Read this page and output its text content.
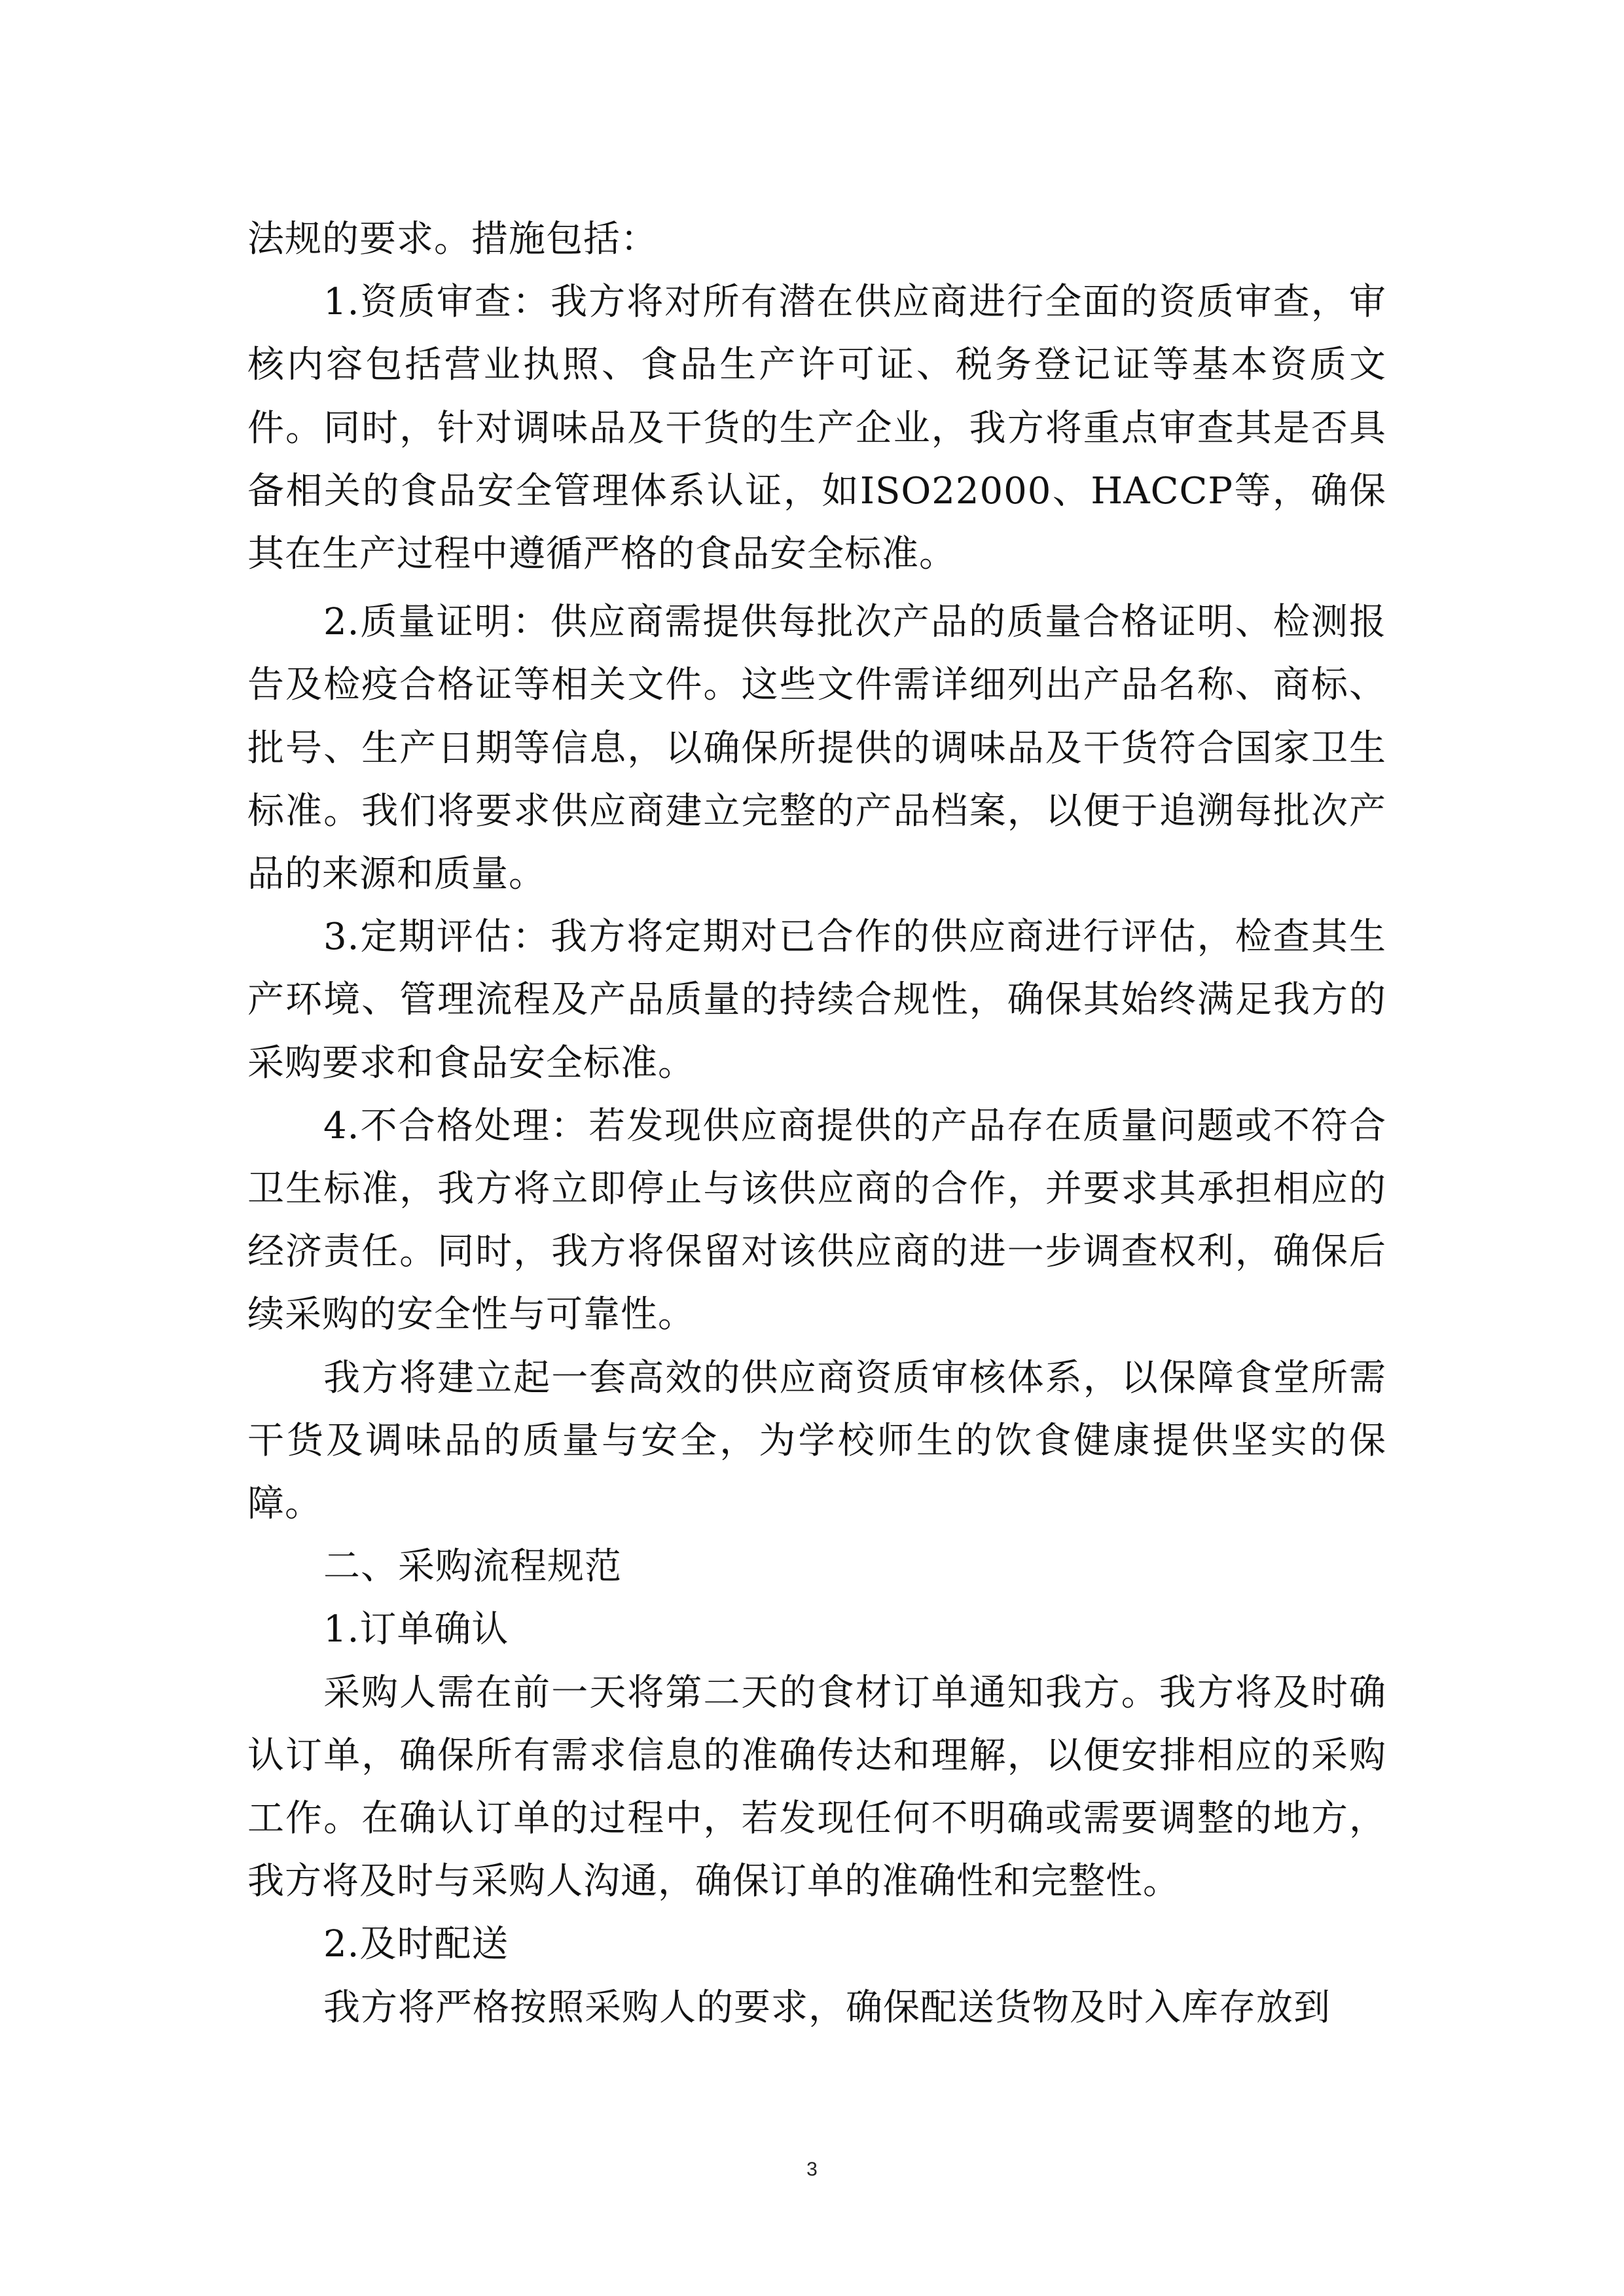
法规的要求。措施包括：

1.资质审查：我方将对所有潜在供应商进行全面的资质审查，审核内容包括营业执照、食品生产许可证、税务登记证等基本资质文件。同时，针对调味品及干货的生产企业，我方将重点审查其是否具备相关的食品安全管理体系认证，如ISO22000、HACCP等，确保其在生产过程中遵循严格的食品安全标准。

2.质量证明：供应商需提供每批次产品的质量合格证明、检测报告及检疫合格证等相关文件。这些文件需详细列出产品名称、商标、批号、生产日期等信息，以确保所提供的调味品及干货符合国家卫生标准。我们将要求供应商建立完整的产品档案，以便于追溯每批次产品的来源和质量。

3.定期评估：我方将定期对已合作的供应商进行评估，检查其生产环境、管理流程及产品质量的持续合规性，确保其始终满足我方的采购要求和食品安全标准。

4.不合格处理：若发现供应商提供的产品存在质量问题或不符合卫生标准，我方将立即停止与该供应商的合作，并要求其承担相应的经济责任。同时，我方将保留对该供应商的进一步调查权利，确保后续采购的安全性与可靠性。

我方将建立起一套高效的供应商资质审核体系，以保障食堂所需干货及调味品的质量与安全，为学校师生的饮食健康提供坚实的保障。

二、采购流程规范

1.订单确认

采购人需在前一天将第二天的食材订单通知我方。我方将及时确认订单，确保所有需求信息的准确传达和理解，以便安排相应的采购工作。在确认订单的过程中，若发现任何不明确或需要调整的地方，我方将及时与采购人沟通，确保订单的准确性和完整性。

2.及时配送

我方将严格按照采购人的要求，确保配送货物及时入库存放到

3
